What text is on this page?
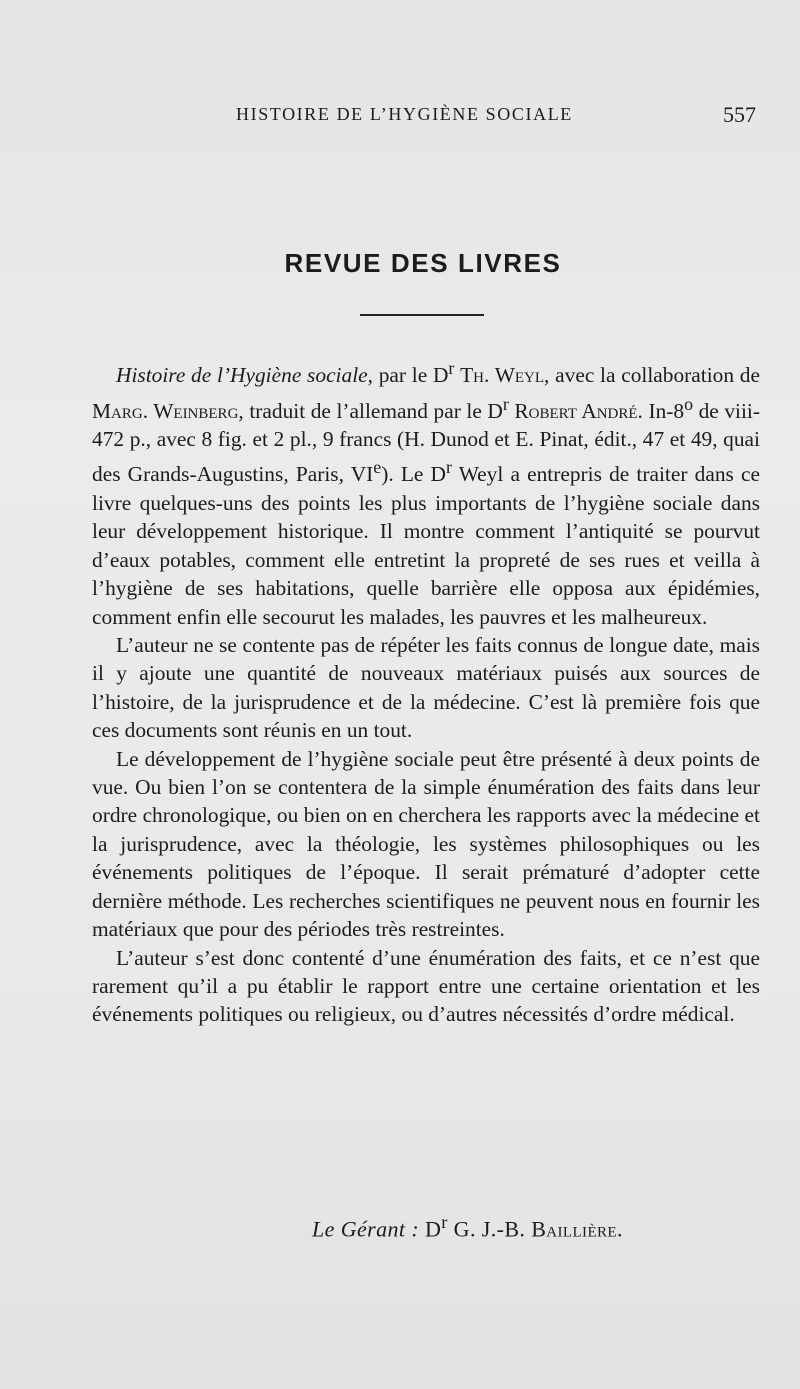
HISTOIRE DE L’HYGIÈNE SOCIALE	557
REVUE DES LIVRES

Histoire de l’Hygiène sociale, par le $D^r$ Th. Weyl, avec la collaboration de Marg. Weinberg, traduit de l’allemand par le $D^r$ Robert André. In-8$^o$ de viii-472 p., avec 8 fig. et 2 pl., 9 francs (H. Dunod et E. Pinat, édit., 47 et 49, quai des Grands-Augustins, Paris, VIe). Le $D^r$ Weyl a entrepris de traiter dans ce livre quelques-uns des points les plus importants de l’hygiène sociale dans leur développement historique. Il montre comment l’antiquité se pourvut d’eaux potables, comment elle entretint la propreté de ses rues et veilla à l’hygiène de ses habitations, quelle barrière elle opposa aux épidémies, comment enfin elle secourut les malades, les pauvres et les malheureux.

L’auteur ne se contente pas de répéter les faits connus de longue date, mais il y ajoute une quantité de nouveaux matériaux puisés aux sources de l’histoire, de la jurisprudence et de la médecine. C’est là première fois que ces documents sont réunis en un tout.

Le développement de l’hygiène sociale peut être présenté à deux points de vue. Ou bien l’on se contentera de la simple énumération des faits dans leur ordre chronologique, ou bien on en cherchera les rapports avec la médecine et la jurisprudence, avec la théologie, les systèmes philosophiques ou les événements politiques de l’époque. Il serait prématuré d’adopter cette dernière méthode. Les recherches scientifiques ne peuvent nous en fournir les matériaux que pour des périodes très restreintes.

L’auteur s’est donc contenté d’une énumération des faits, et ce n’est que rarement qu’il a pu établir le rapport entre une certaine orientation et les événements politiques ou religieux, ou d’autres nécessités d’ordre médical.

Le Gérant : $D^r$ G. J.-B. Baillière.
